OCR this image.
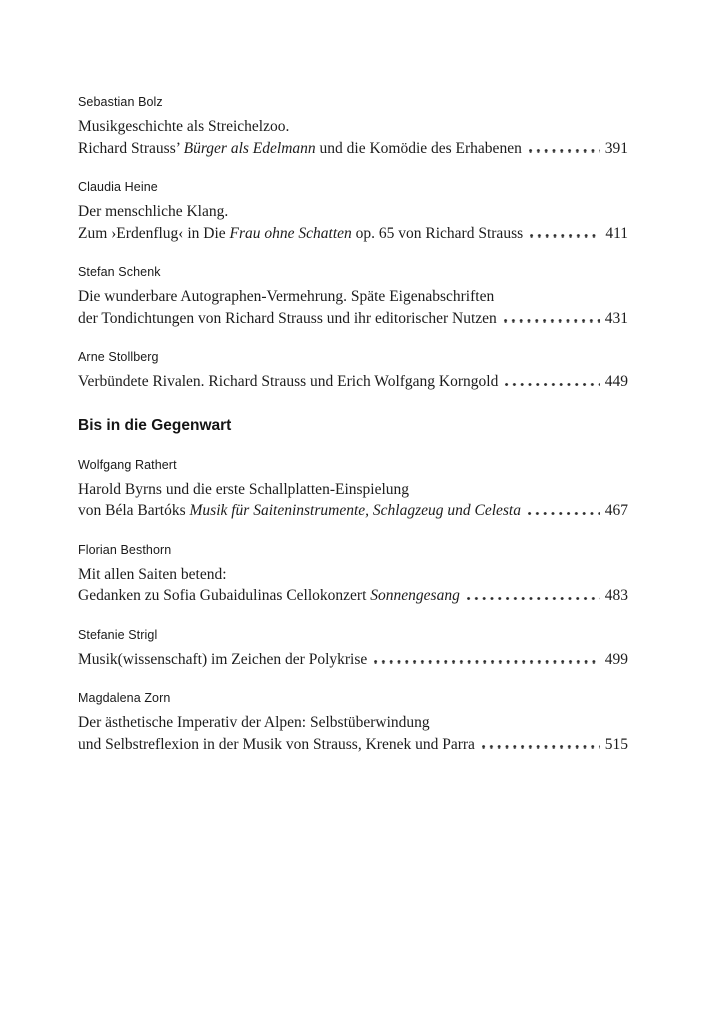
Sebastian Bolz
Musikgeschichte als Streichelzoo.
Richard Strauss’ Bürger als Edelmann und die Komödie des Erhabenen	391
Claudia Heine
Der menschliche Klang.
Zum ›Erdenflug‹ in Die Frau ohne Schatten op. 65 von Richard Strauss	411
Stefan Schenk
Die wunderbare Autographen-Vermehrung. Späte Eigenabschriften
der Tondichtungen von Richard Strauss und ihr editorischer Nutzen	431
Arne Stollberg
Verbündete Rivalen. Richard Strauss und Erich Wolfgang Korngold	449
Bis in die Gegenwart
Wolfgang Rathert
Harold Byrns und die erste Schallplatten-Einspielung
von Béla Bartóks Musik für Saiteninstrumente, Schlagzeug und Celesta	467
Florian Besthorn
Mit allen Saiten betend:
Gedanken zu Sofia Gubaidulinas Cellokonzert Sonnengesang	483
Stefanie Strigl
Musik(wissenschaft) im Zeichen der Polykrise	499
Magdalena Zorn
Der ästhetische Imperativ der Alpen: Selbstüberwindung
und Selbstreflexion in der Musik von Strauss, Krenek und Parra	515
